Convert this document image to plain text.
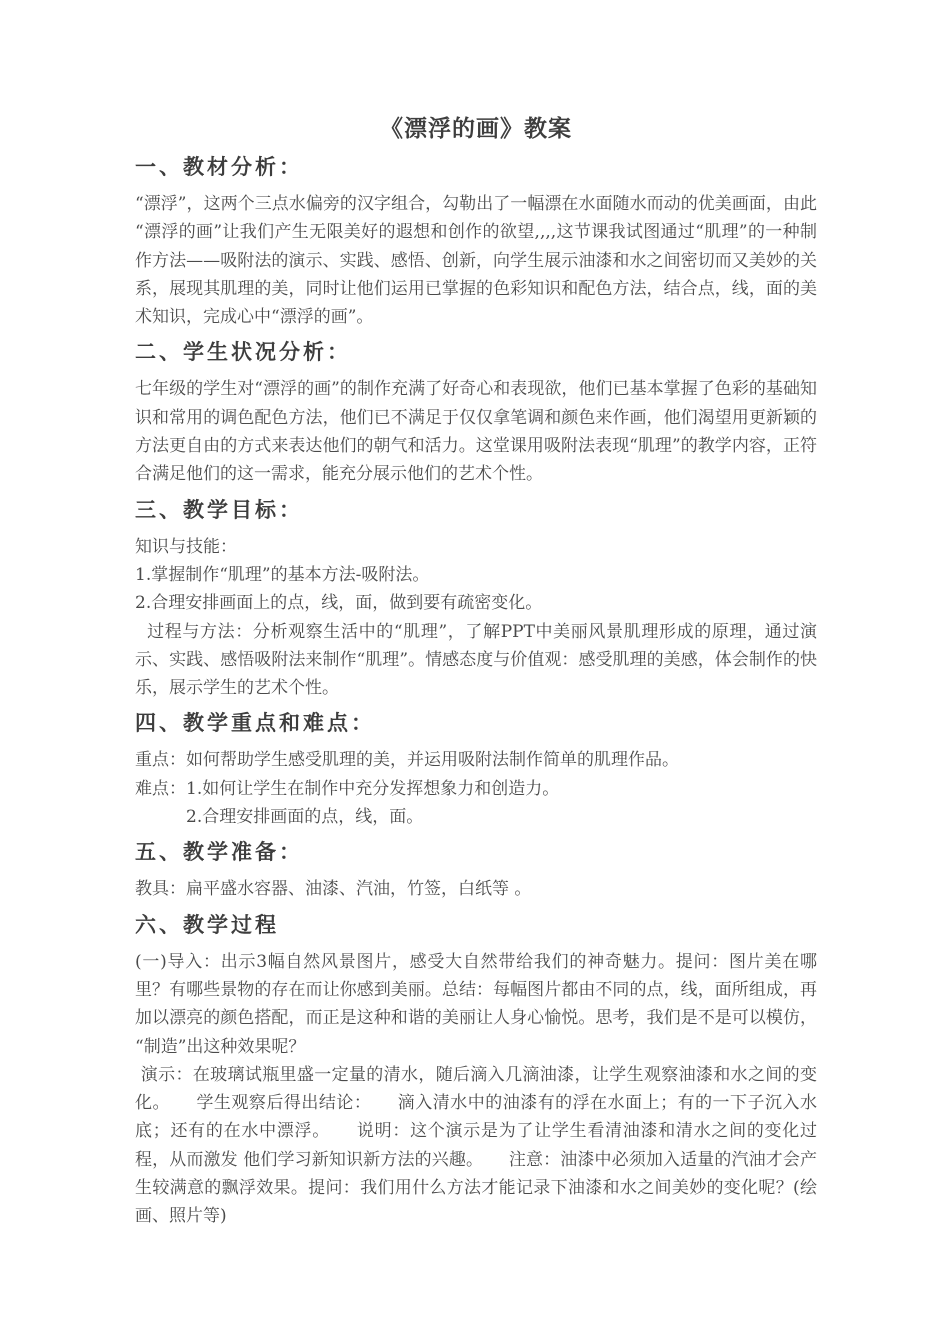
《漂浮的画》教案
一、教材分析：
“漂浮”，这两个三点水偏旁的汉字组合，勾勒出了一幅漂在水面随水而动的优美画面，由此“漂浮的画”让我们产生无限美好的遐想和创作的欲望,,,,这节课我试图通过“肌理”的一种制作方法——吸附法的演示、实践、感悟、创新，向学生展示油漆和水之间密切而又美妙的关系，展现其肌理的美，同时让他们运用已掌握的色彩知识和配色方法，结合点，线，面的美术知识，完成心中“漂浮的画”。
二、学生状况分析：
七年级的学生对“漂浮的画”的制作充满了好奇心和表现欲，他们已基本掌握了色彩的基础知识和常用的调色配色方法，他们已不满足于仅仅拿笔调和颜色来作画，他们渴望用更新颖的方法更自由的方式来表达他们的朝气和活力。这堂课用吸附法表现“肌理”的教学内容，正符合满足他们的这一需求，能充分展示他们的艺术个性。
三、教学目标：
知识与技能：
1.掌握制作“肌理”的基本方法-吸附法。
2.合理安排画面上的点，线，面，做到要有疏密变化。
过程与方法：分析观察生活中的“肌理”，了解PPT中美丽风景肌理形成的原理，通过演示、实践、感悟吸附法来制作“肌理”。情感态度与价值观：感受肌理的美感，体会制作的快乐，展示学生的艺术个性。
四、教学重点和难点：
重点：如何帮助学生感受肌理的美，并运用吸附法制作简单的肌理作品。
难点：1.如何让学生在制作中充分发挥想象力和创造力。
　　　2.合理安排画面的点，线，面。
五、教学准备：
教具：扁平盛水容器、油漆、汽油，竹签，白纸等 。
六、教学过程
(一)导入：出示3幅自然风景图片，感受大自然带给我们的神奇魅力。提问：图片美在哪里？有哪些景物的存在而让你感到美丽。总结：每幅图片都由不同的点，线，面所组成，再加以漂亮的颜色搭配，而正是这种和谐的美丽让人身心愉悦。思考，我们是不是可以模仿，“制造”出这种效果呢？
演示：在玻璃试瓶里盛一定量的清水，随后滴入几滴油漆，让学生观察油漆和水之间的变化。　　学生观察后得出结论：　　滴入清水中的油漆有的浮在水面上；有的一下子沉入水底；还有的在水中漂浮。　　说明：这个演示是为了让学生看清油漆和清水之间的变化过程，从而激发 他们学习新知识新方法的兴趣。　　注意：油漆中必须加入适量的汽油才会产生较满意的飘浮效果。提问：我们用什么方法才能记录下油漆和水之间美妙的变化呢？(绘画、照片等)
